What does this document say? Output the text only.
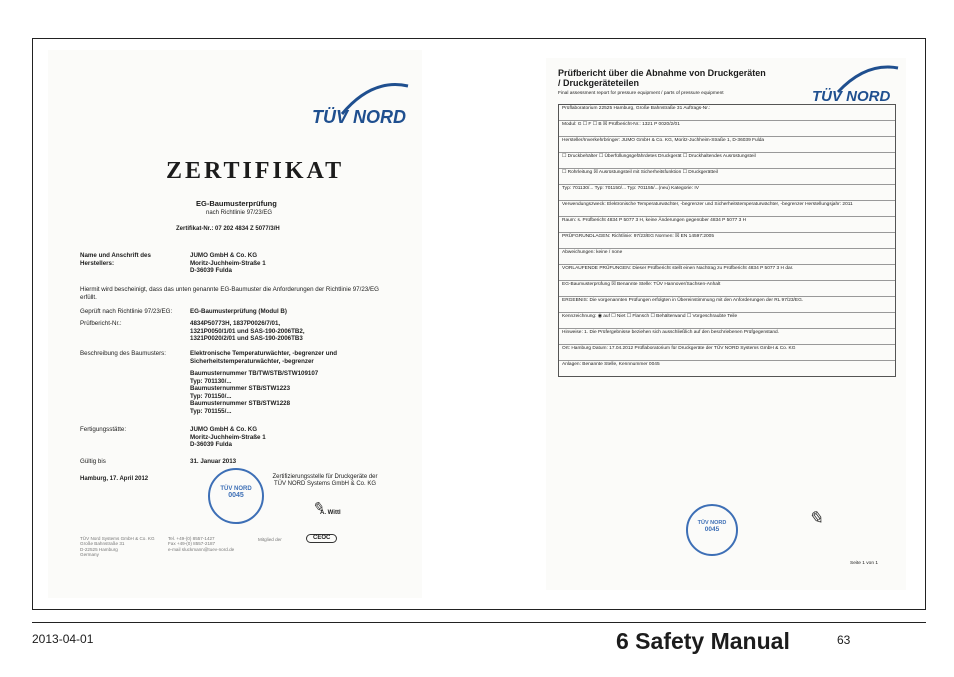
TÜV NORD
ZERTIFIKAT
EG-Baumusterprüfung
nach Richtlinie 97/23/EG
Zertifikat-Nr.: 07 202 4834 Z 5077/3/H
Name und Anschrift des Herstellers:
JUMO GmbH & Co. KG
Moritz-Juchheim-Straße 1
D-36039 Fulda
Hiermit wird bescheinigt, dass das unten genannte EG-Baumuster die Anforderungen der Richtlinie 97/23/EG erfüllt.
Geprüft nach Richtlinie 97/23/EG:	EG-Baumusterprüfung (Modul B)
Prüfbericht-Nr.:	4834P50773H, 1837P0026/7/01,
1321P0050/1/01 und SAS-190-2006TB2,
1321P0020/2/01 und SAS-190-2006TB3
Beschreibung des Baumusters:	Elektronische Temperaturwächter, -begrenzer und
Sicherheitstemperaturwächter, -begrenzer
Baumusternummer TB/TW/STB/STW109107
Typ: 701130/...
Baumusternummer STB/STW1223
Typ: 701150/...
Baumusternummer STB/STW1228
Typ: 701155/...
Fertigungsstätte:	JUMO GmbH & Co. KG
Moritz-Juchheim-Straße 1
D-36039 Fulda
Gültig bis	31. Januar 2013
Hamburg, 17. April 2012
TÜV NORD
0045
Zertifizierungsstelle für Druckgeräte der TÜV NORD Systems GmbH & Co. KG
✎
A. Wittl
TÜV Nord Systems GmbH & Co. KG
Große Bahnstraße 31
D-22525 Hamburg
Germany
Tel. +49-(0) 8557-1427
Fax +49-(0) 8557-2187
e-mail sluckmann@tuev-nord.de
Mitglied der	CEOC
Prüfbericht über die Abnahme von Druckgeräten / Druckgeräteteilen
Final assessment report for pressure equipment / parts of pressure equipment	TÜV NORD
Prüflaboratorium 22525 Hamburg, Große Bahnstraße 31 Auftrags-Nr.:
Modul: G ☐ F ☐ B ☒ Prüfbericht-Nr.: 1321 P 0020/2/01
Hersteller/Inverkehrbringer: JUMO GmbH & Co. KG, Moritz-Juchheim-Straße 1, D-36039 Fulda
☐ Druckbehälter ☐ Überfüllungsgefährdetes Druckgerät ☐ Druckhaltendes Ausrüstungsteil
☐ Rohrleitung ☒ Ausrüstungsteil mit Sicherheitsfunktion ☐ Druckgerätteil
Typ: 701130/... Typ: 701150/... Typ: 701155/...(neu) Kategorie: IV
Verwendungszweck: Elektronische Temperaturwächter, -begrenzer und Sicherheitstemperaturwächter, -begrenzer Herstellungsjahr: 2011
Raum: s. Prüfbericht 4834 P 5077 3 H, keine Änderungen gegenüber 4834 P 5077 3 H
PRÜFGRUNDLAGEN: Richtlinie: 97/23/EG Normen: ☒ EN 14597:2005
Abweichungen: keine / none
VORLAUFENDE PRÜFUNGEN: Dieser Prüfbericht stellt einen Nachtrag zu Prüfbericht 4834 P 5077 3 H dar.
EG-Baumusterprüfung ☒ Benannte Stelle: TÜV Hannover/Sachsen-Anhalt
ERGEBNIS: Die vorgenannten Prüfungen erfolgten in Übereinstimmung mit den Anforderungen der RL 97/23/EG.
Kennzeichnung: ◉ auf ☐ Niet ☐ Flansch ☐ Behälterwand ☐ Vorgeschraubte Teile
Hinweise: 1. Die Prüfergebnisse beziehen sich ausschließlich auf den beschriebenen Prüfgegenstand.
Ort: Hamburg Datum: 17.04.2012 Prüflaboratorium für Druckgeräte der TÜV NORD Systems GmbH & Co. KG
Anlagen: Benannte Stelle, Kennnummer 0045
TÜV NORD
0045
✎
Seite 1 von 1
2013-04-01	6 Safety Manual	63
